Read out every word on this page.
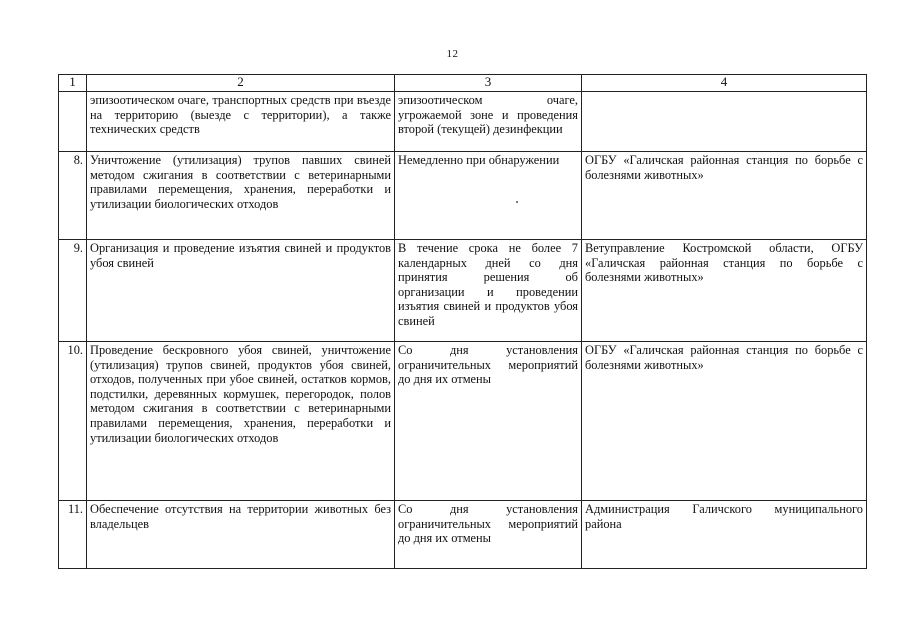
12
1	2	3	4
	эпизоотическом очаге, транспортных средств при въезде на территорию (выезде с территории), а также технических средств	эпизоотическом очаге, угрожаемой зоне и проведения второй (текущей) дезинфекции	
8.	Уничтожение (утилизация) трупов павших свиней методом сжигания в соответствии с ветеринарными правилами перемещения, хранения, переработки и утилизации биологических отходов	Немедленно при обнаружении	ОГБУ «Галичская районная станция по борьбе с болезнями животных»
9.	Организация и проведение изъятия свиней и продуктов убоя свиней	В течение срока не более 7 календарных дней со дня принятия решения об организации и проведении изъятия свиней и продуктов убоя свиней	Ветуправление Костромской области, ОГБУ «Галичская районная станция по борьбе с болезнями животных»
10.	Проведение бескровного убоя свиней, уничтожение (утилизация) трупов свиней, продуктов убоя свиней, отходов, полученных при убое свиней, остатков кормов, подстилки, деревянных кормушек, перегородок, полов методом сжигания в соответствии с ветеринарными правилами перемещения, хранения, переработки и утилизации биологических отходов	Со дня установления ограничительных мероприятий до дня их отмены	ОГБУ «Галичская районная станция по борьбе с болезнями животных»
11.	Обеспечение отсутствия на территории животных без владельцев	Со дня установления ограничительных мероприятий до дня их отмены	Администрация Галичского муниципального района
